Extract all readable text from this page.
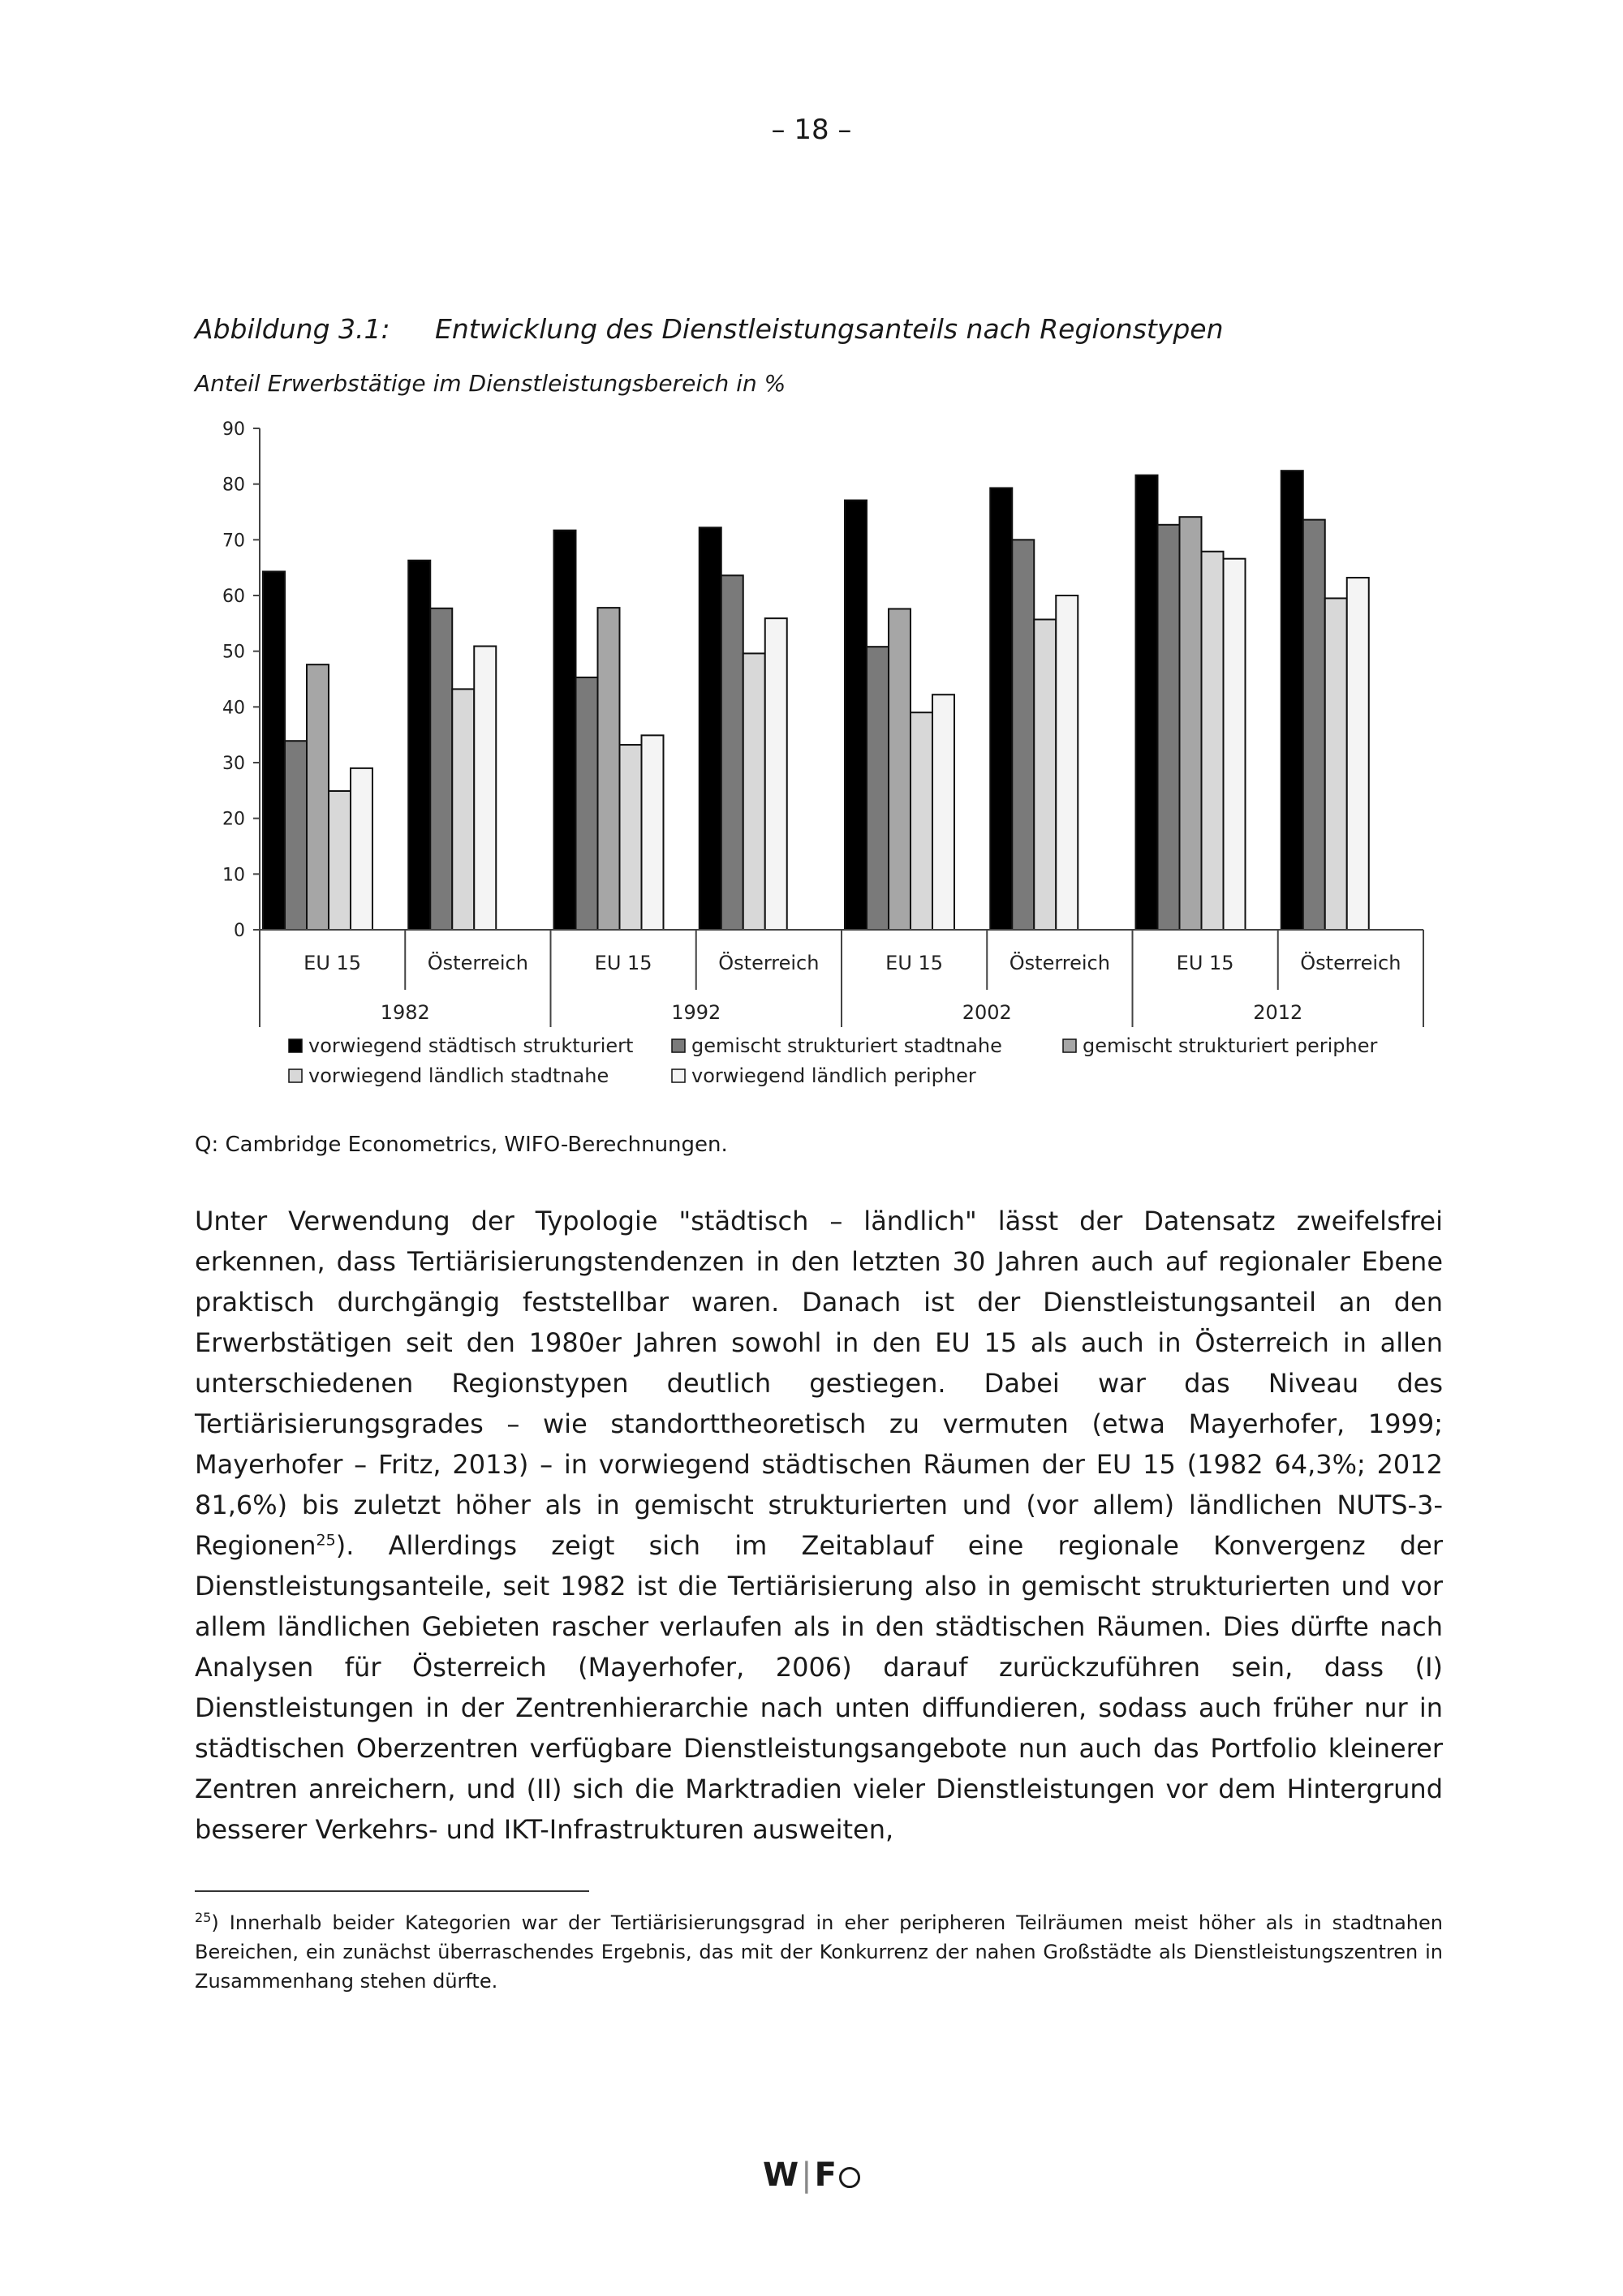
– 18 –
Abbildung 3.1: Entwicklung des Dienstleistungsanteils nach Regionstypen
Anteil Erwerbstätige im Dienstleistungsbereich in %
0
10
20
30
40
50
60
70
80
90
EU 15	Österreich	EU 15	Österreich	EU 15	Österreich	EU 15	Österreich
1982	1992	2002	2012
vorwiegend städtisch strukturiert	gemischt strukturiert stadtnahe	gemischt strukturiert peripher
vorwiegend ländlich stadtnahe	vorwiegend ländlich peripher
Q: Cambridge Econometrics, WIFO-Berechnungen.

Unter Verwendung der Typologie "städtisch – ländlich" lässt der Datensatz zweifelsfrei erkennen, dass Tertiärisierungstendenzen in den letzten 30 Jahren auch auf regionaler Ebene praktisch durchgängig feststellbar waren. Danach ist der Dienstleistungsanteil an den Erwerbstätigen seit den 1980er Jahren sowohl in den EU 15 als auch in Österreich in allen unterschiedenen Regionstypen deutlich gestiegen. Dabei war das Niveau des Tertiärisierungsgrades – wie standorttheoretisch zu vermuten (etwa Mayerhofer, 1999; Mayerhofer – Fritz, 2013) – in vorwiegend städtischen Räumen der EU 15 (1982 64,3%; 2012 81,6%) bis zuletzt höher als in gemischt strukturierten und (vor allem) ländlichen NUTS-3-Regionen$^{25}$). Allerdings zeigt sich im Zeitablauf eine regionale Konvergenz der Dienstleistungsanteile, seit 1982 ist die Tertiärisierung also in gemischt strukturierten und vor allem ländlichen Gebieten rascher verlaufen als in den städtischen Räumen. Dies dürfte nach Analysen für Österreich (Mayerhofer, 2006) darauf zurückzuführen sein, dass (I) Dienstleistungen in der Zentrenhierarchie nach unten diffundieren, sodass auch früher nur in städtischen Oberzentren verfügbare Dienstleistungsangebote nun auch das Portfolio kleinerer Zentren anreichern, und (II) sich die Marktradien vieler Dienstleistungen vor dem Hintergrund besserer Verkehrs- und IKT-Infrastrukturen ausweiten,

$^{25}$) Innerhalb beider Kategorien war der Tertiärisierungsgrad in eher peripheren Teilräumen meist höher als in stadtnahen Bereichen, ein zunächst überraschendes Ergebnis, das mit der Konkurrenz der nahen Großstädte als Dienstleistungszentren in Zusammenhang stehen dürfte.

W|F
